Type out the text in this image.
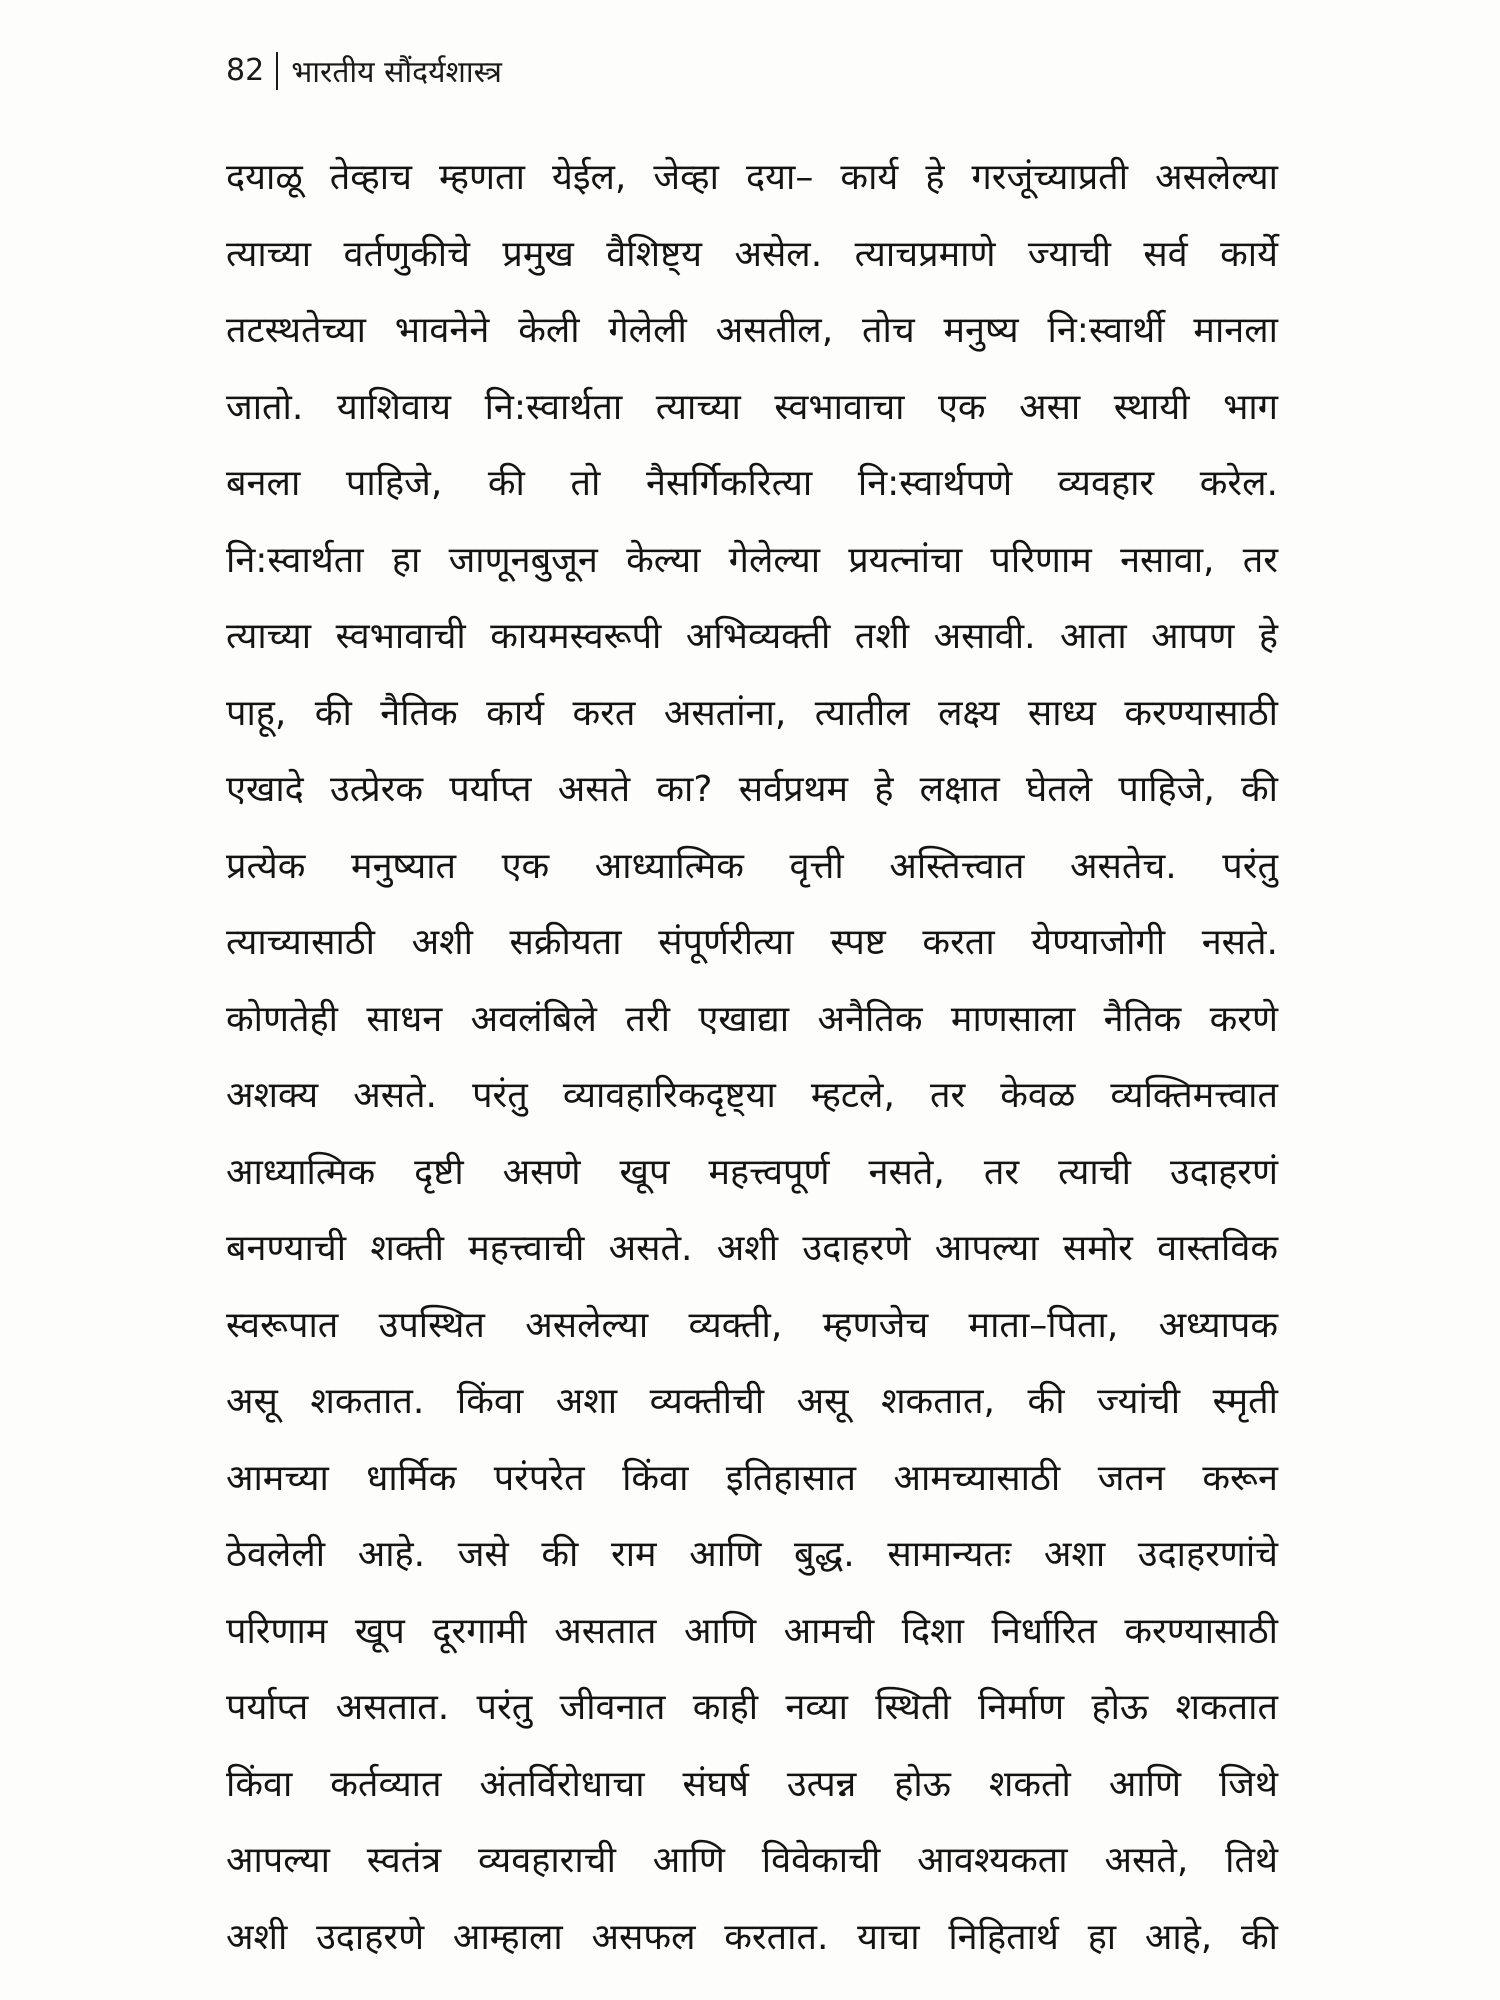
82 भारतीय सौंदर्यशास्त्र
दयाळू तेव्हाच म्हणता येईल, जेव्हा दया– कार्य हे गरजूंच्याप्रती असलेल्या
त्याच्या वर्तणुकीचे प्रमुख वैशिष्ट्य असेल. त्याचप्रमाणे ज्याची सर्व कार्ये
तटस्थतेच्या भावनेने केली गेलेली असतील, तोच मनुष्य नि:स्वार्थी मानला
जातो. याशिवाय नि:स्वार्थता त्याच्या स्वभावाचा एक असा स्थायी भाग
बनला पाहिजे, की तो नैसर्गिकरित्या नि:स्वार्थपणे व्यवहार करेल.
नि:स्वार्थता हा जाणूनबुजून केल्या गेलेल्या प्रयत्नांचा परिणाम नसावा, तर
त्याच्या स्वभावाची कायमस्वरूपी अभिव्यक्ती तशी असावी. आता आपण हे
पाहू, की नैतिक कार्य करत असतांना, त्यातील लक्ष्य साध्य करण्यासाठी
एखादे उत्प्रेरक पर्याप्त असते का? सर्वप्रथम हे लक्षात घेतले पाहिजे, की
प्रत्येक मनुष्यात एक आध्यात्मिक वृत्ती अस्तित्त्वात असतेच. परंतु
त्याच्यासाठी अशी सक्रीयता संपूर्णरीत्या स्पष्ट करता येण्याजोगी नसते.
कोणतेही साधन अवलंबिले तरी एखाद्या अनैतिक माणसाला नैतिक करणे
अशक्य असते. परंतु व्यावहारिकदृष्ट्या म्हटले, तर केवळ व्यक्तिमत्त्वात
आध्यात्मिक दृष्टी असणे खूप महत्त्वपूर्ण नसते, तर त्याची उदाहरणं
बनण्याची शक्ती महत्त्वाची असते. अशी उदाहरणे आपल्या समोर वास्तविक
स्वरूपात उपस्थित असलेल्या व्यक्ती, म्हणजेच माता–पिता, अध्यापक
असू शकतात. किंवा अशा व्यक्तीची असू शकतात, की ज्यांची स्मृती
आमच्या धार्मिक परंपरेत किंवा इतिहासात आमच्यासाठी जतन करून
ठेवलेली आहे. जसे की राम आणि बुद्ध. सामान्यतः अशा उदाहरणांचे
परिणाम खूप दूरगामी असतात आणि आमची दिशा निर्धारित करण्यासाठी
पर्याप्त असतात. परंतु जीवनात काही नव्या स्थिती निर्माण होऊ शकतात
किंवा कर्तव्यात अंतर्विरोधाचा संघर्ष उत्पन्न होऊ शकतो आणि जिथे
आपल्या स्वतंत्र व्यवहाराची आणि विवेकाची आवश्यकता असते, तिथे
अशी उदाहरणे आम्हाला असफल करतात. याचा निहितार्थ हा आहे, की
